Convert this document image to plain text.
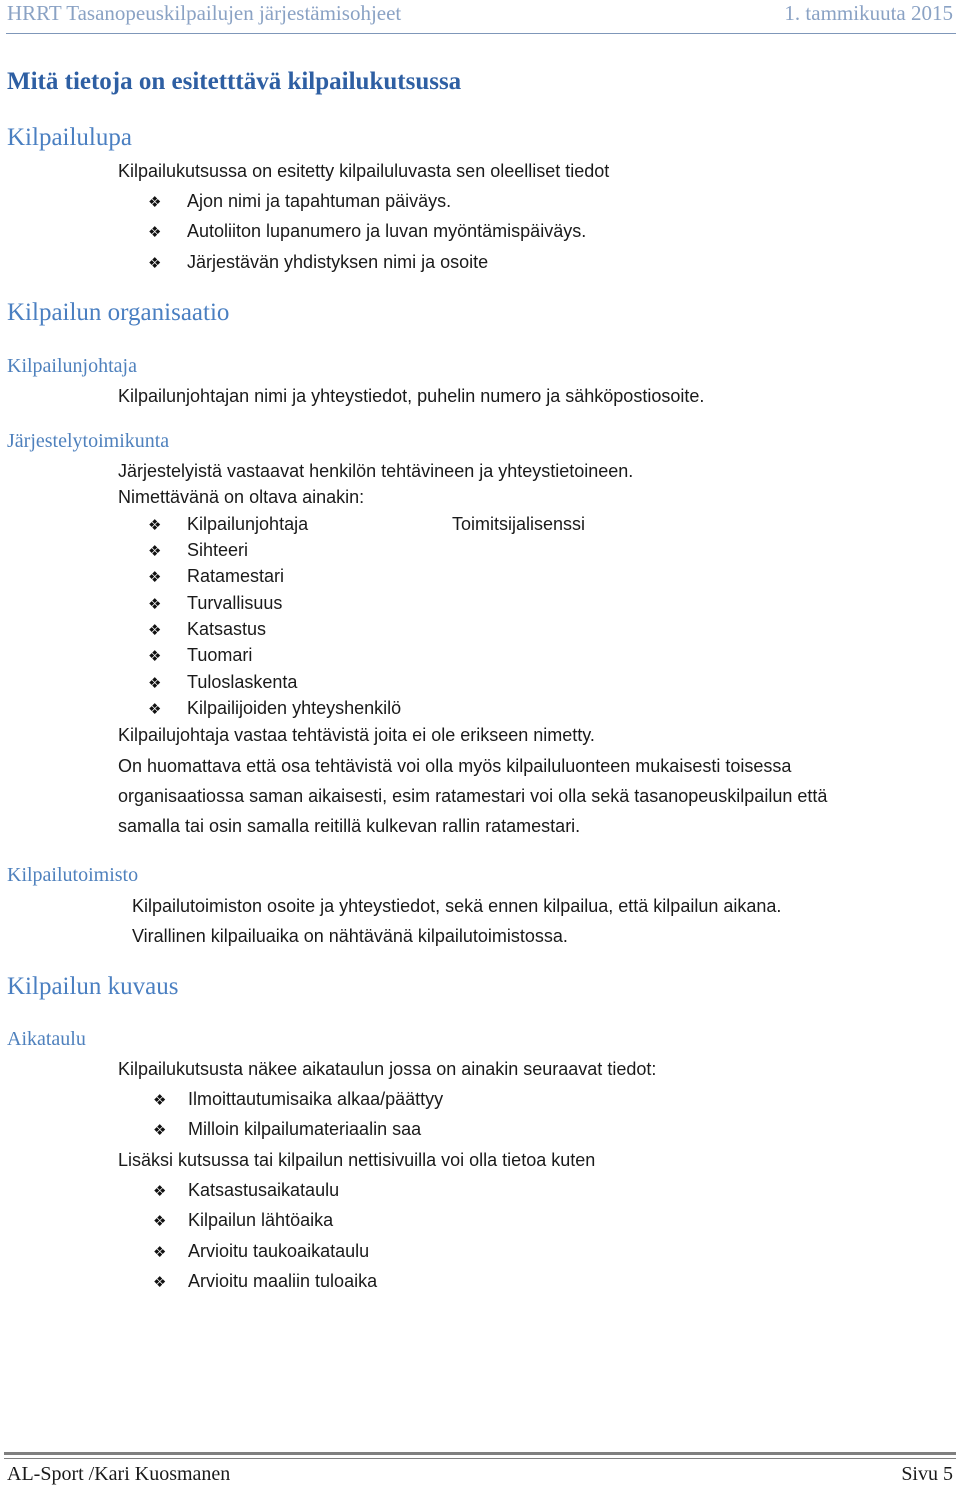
HRRT Tasanopeuskilpailujen järjestämisohjeet	1. tammikuuta 2015
Mitä tietoja on esitetttävä kilpailukutsussa
Kilpailulupa
Kilpailukutsussa on esitetty kilpailuluvasta sen oleelliset tiedot
❖ Ajon nimi ja tapahtuman päiväys.
❖ Autoliiton lupanumero ja luvan myöntämispäiväys.
❖ Järjestävän yhdistyksen nimi ja osoite
Kilpailun organisaatio
Kilpailunjohtaja
Kilpailunjohtajan nimi ja yhteystiedot, puhelin numero ja sähköpostiosoite.
Järjestelytoimikunta
Järjestelyistä vastaavat henkilön tehtävineen ja yhteystietoineen.
Nimettävänä on oltava ainakin:
❖ Kilpailunjohtaja	Toimitsijalisenssi
❖ Sihteeri
❖ Ratamestari
❖ Turvallisuus
❖ Katsastus
❖ Tuomari
❖ Tuloslaskenta
❖ Kilpailijoiden yhteyshenkilö
Kilpailujohtaja vastaa tehtävistä joita ei ole erikseen nimetty.
On huomattava että osa tehtävistä voi olla myös kilpailuluonteen mukaisesti toisessa
organisaatiossa saman aikaisesti, esim ratamestari voi olla sekä tasanopeuskilpailun että
samalla tai osin samalla reitillä kulkevan rallin ratamestari.
Kilpailutoimisto
Kilpailutoimiston osoite ja yhteystiedot, sekä ennen kilpailua, että kilpailun aikana.
Virallinen kilpailuaika on nähtävänä kilpailutoimistossa.
Kilpailun kuvaus
Aikataulu
Kilpailukutsusta näkee aikataulun jossa on ainakin seuraavat tiedot:
❖ Ilmoittautumisaika alkaa/päättyy
❖ Milloin kilpailumateriaalin saa
Lisäksi kutsussa tai kilpailun nettisivuilla voi olla tietoa kuten
❖ Katsastusaikataulu
❖ Kilpailun lähtöaika
❖ Arvioitu taukoaikataulu
❖ Arvioitu maaliin tuloaika
AL-Sport /Kari Kuosmanen	Sivu 5
